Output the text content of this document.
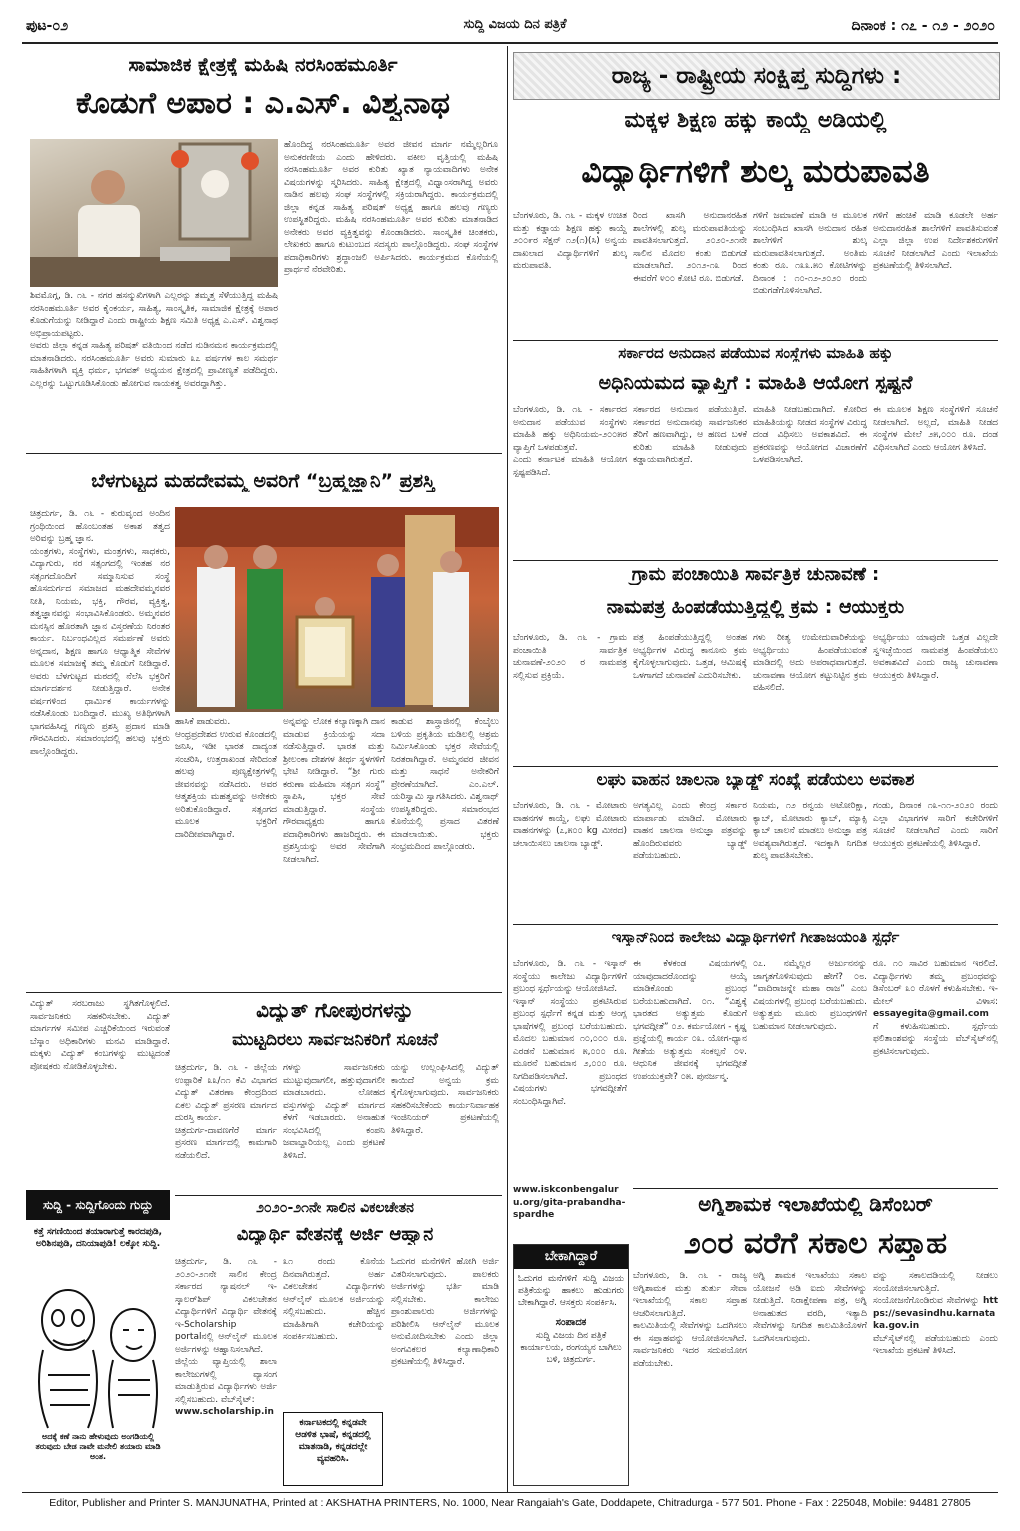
ಪುಟ-೦೨	ಸುದ್ದಿ ವಿಜಯ ದಿನ ಪತ್ರಿಕೆ	ದಿನಾಂಕ : ೧೭ - ೧೨ - ೨೦೨೦
ಸಾಮಾಜಿಕ ಕ್ಷೇತ್ರಕ್ಕೆ ಮಹಿಷಿ ನರಸಿಂಹಮೂರ್ತಿ
ಕೊಡುಗೆ ಅಪಾರ : ಎ.ಎಸ್. ವಿಶ್ವನಾಥ
ಶಿವಮೊಗ್ಗ, ಡಿ. ೧೬ - ನಗರ ಹಸನ್ಮುಖಿಗಳಾಗಿ ಎಲ್ಲರನ್ನು ತಮ್ಮತ್ತ ಸೆಳೆಯುತ್ತಿದ್ದ ಮಹಿಷಿ ನರಸಿಂಹಮೂರ್ತಿ ಅವರ ಕೈಂಕರ್ಯ, ಸಾಹಿತ್ಯ, ಸಾಂಸ್ಕೃತಿಕ, ಸಾಮಾಜಿಕ ಕ್ಷೇತ್ರಕ್ಕೆ ಅಪಾರ ಕೊಡುಗೆಯನ್ನು ನೀಡಿದ್ದಾರೆ ಎಂದು ರಾಷ್ಟ್ರೀಯ ಶಿಕ್ಷಣ ಸಮಿತಿ ಅಧ್ಯಕ್ಷ ಎ.ಎಸ್. ವಿಶ್ವನಾಥ ಅಭಿಪ್ರಾಯಪಟ್ಟರು.
ಅವರು ಜಿಲ್ಲಾ ಕನ್ನಡ ಸಾಹಿತ್ಯ ಪರಿಷತ್ ವತಿಯಿಂದ ನಡೆದ ನುಡಿನಮನ ಕಾರ್ಯಕ್ರಮದಲ್ಲಿ ಮಾತನಾಡಿದರು. ನರಸಿಂಹಮೂರ್ತಿ ಅವರು ಸುಮಾರು ೩೭ ವರ್ಷಗಳ ಕಾಲ ಸಮರ್ಥ ಸಾಹಿತಿಗಳಾಗಿ ವ್ಯಕ್ತಿ ಧರ್ಮ, ಭಗವತ್ ಅಧ್ಯಯನ ಕ್ಷೇತ್ರದಲ್ಲಿ ಪ್ರಾವೀಣ್ಯತೆ ಪಡೆದಿದ್ದರು. ಎಲ್ಲರನ್ನು ಒಟ್ಟುಗೂಡಿಸಿಕೊಂಡು ಹೋಗುವ ನಾಯಕತ್ವ ಅವರದ್ದಾಗಿತ್ತು.
ಹೊಂದಿದ್ದ ನರಸಿಂಹಮೂರ್ತಿ ಅವರ ಜೀವನ ಮಾರ್ಗ ನಮ್ಮೆಲ್ಲರಿಗೂ ಅನುಕರಣೀಯ ಎಂದು ಹೇಳಿದರು. ವಕೀಲ ವೃತ್ತಿಯಲ್ಲಿ ಮಹಿಷಿ ನರಸಿಂಹಮೂರ್ತಿ ಅವರ ಕುರಿತು ಖ್ಯಾತ ನ್ಯಾಯವಾದಿಗಳು ಅನೇಕ ವಿಷಯಗಳನ್ನು ಸ್ಮರಿಸಿದರು. ಸಾಹಿತ್ಯ ಕ್ಷೇತ್ರದಲ್ಲಿ ವಿಧ್ವಾಂಸರಾಗಿದ್ದ ಅವರು ನಾಡಿನ ಹಲವು ಸಂಘ ಸಂಸ್ಥೆಗಳಲ್ಲಿ ಸಕ್ರಿಯರಾಗಿದ್ದರು. ಕಾರ್ಯಕ್ರಮದಲ್ಲಿ ಜಿಲ್ಲಾ ಕನ್ನಡ ಸಾಹಿತ್ಯ ಪರಿಷತ್ ಅಧ್ಯಕ್ಷ ಹಾಗೂ ಹಲವು ಗಣ್ಯರು ಉಪಸ್ಥಿತರಿದ್ದರು. ಮಹಿಷಿ ನರಸಿಂಹಮೂರ್ತಿ ಅವರ ಕುರಿತು ಮಾತನಾಡಿದ ಅನೇಕರು ಅವರ ವ್ಯಕ್ತಿತ್ವವನ್ನು ಕೊಂಡಾಡಿದರು. ಸಾಂಸ್ಕೃತಿಕ ಚಿಂತಕರು, ಲೇಖಕರು ಹಾಗೂ ಕುಟುಂಬದ ಸದಸ್ಯರು ಪಾಲ್ಗೊಂಡಿದ್ದರು. ಸಂಘ ಸಂಸ್ಥೆಗಳ ಪದಾಧಿಕಾರಿಗಳು ಶ್ರದ್ಧಾಂಜಲಿ ಅರ್ಪಿಸಿದರು. ಕಾರ್ಯಕ್ರಮದ ಕೊನೆಯಲ್ಲಿ ಪ್ರಾರ್ಥನೆ ನೆರವೇರಿತು.
ಬೆಳಗುಟ್ಟದ ಮಹದೇವಮ್ಮ ಅವರಿಗೆ “ಬ್ರಹ್ಮಜ್ಞಾನಿ” ಪ್ರಶಸ್ತಿ
ಚಿತ್ರದುರ್ಗ, ಡಿ. ೧೬ - ಕುರುವೃಂದ ಅಂದಿನ ಗ್ರಂಥಿಯಿಂದ ಹೊಂಬಂತಹ ಅಕಾಶ ತತ್ವದ ಅರಿವನ್ನು ಬ್ರಹ್ಮ ಜ್ಞಾನ.
ಯಂತ್ರಗಳು, ಸಂಸ್ಥೆಗಳು, ಮಂತ್ರಗಳು, ಸಾಧಕರು, ವಿದ್ಯಾಗುರು, ನರ ಸತ್ಸಂಗದಲ್ಲಿ ಇಂತಹ ನರ ಸತ್ಸಂಗದೊಂದಿಗೆ ಸಮ್ಮಾನಿಸುವ ಸಂಸ್ಥೆ ಹೊಸದುರ್ಗದ ಸಮಾಜದ ಮಹದೇವಮ್ಮನವರ ನೀತಿ, ನಿಯಮ, ಭಕ್ತಿ, ಗೌರವ, ವ್ಯಕ್ತಿತ್ವ, ತತ್ವಜ್ಞಾನವನ್ನು ಸಂಭಾವಿಸಿಕೊಂಡರು. ಅಮ್ಮನವರ ಮನಸ್ಸಿನ ಹೊರತಾಗಿ ಜ್ಞಾನ ವಿಸ್ತರಣೆಯ ನಿರಂತರ ಕಾರ್ಯ. ನಿರ್ಬಂಧವಿಲ್ಲದ ಸಮರ್ಪಣೆ ಅವರು ಅನ್ನದಾನ, ಶಿಕ್ಷಣ ಹಾಗೂ ಆಧ್ಯಾತ್ಮಿಕ ಸೇವೆಗಳ ಮೂಲಕ ಸಮಾಜಕ್ಕೆ ತಮ್ಮ ಕೊಡುಗೆ ನೀಡಿದ್ದಾರೆ. ಅವರು ಬೆಳಗುಟ್ಟದ ಮಠದಲ್ಲಿ ನೆಲೆಸಿ ಭಕ್ತರಿಗೆ ಮಾರ್ಗದರ್ಶನ ನೀಡುತ್ತಿದ್ದಾರೆ. ಅನೇಕ ವರ್ಷಗಳಿಂದ ಧಾರ್ಮಿಕ ಕಾರ್ಯಗಳನ್ನು ನಡೆಸಿಕೊಂಡು ಬಂದಿದ್ದಾರೆ. ಮುಖ್ಯ ಅತಿಥಿಗಳಾಗಿ ಭಾಗವಹಿಸಿದ್ದ ಗಣ್ಯರು ಪ್ರಶಸ್ತಿ ಪ್ರದಾನ ಮಾಡಿ ಗೌರವಿಸಿದರು. ಸಮಾರಂಭದಲ್ಲಿ ಹಲವು ಭಕ್ತರು ಪಾಲ್ಗೊಂಡಿದ್ದರು.
ಹಾಸಿಕೆ ಪಾಡುವರು.
ಆಂಧ್ರಪ್ರದೇಶದ ಉರುವ ಕೊಂಡದಲ್ಲಿ ಜನಿಸಿ, ಇಡೀ ಭಾರತ ದಾದ್ಯಂತ ಸಂಚರಿಸಿ, ಉತ್ತರಾಖಂಡ ಸೇರಿದಂತೆ ಹಲವು ಪುಣ್ಯಕ್ಷೇತ್ರಗಳಲ್ಲಿ ಜೀವನವನ್ನು ನಡೆಸಿದರು. ಅವರ ಆತ್ಮಶಕ್ತಿಯ ಮಹತ್ವವನ್ನು ಅನೇಕರು ಅರಿತುಕೊಂಡಿದ್ದಾರೆ. ಸತ್ಸಂಗದ ಮೂಲಕ ಭಕ್ತರಿಗೆ ದಾರಿದೀಪವಾಗಿದ್ದಾರೆ.
ಅನ್ನವನ್ನು ಲೋಕ ಕಲ್ಯಾಣಕ್ಕಾಗಿ ದಾನ ಮಾಡುವ ಕ್ರಿಯೆಯನ್ನು ಸದಾ ನಡೆಸುತ್ತಿದ್ದಾರೆ. ಭಾರತ ಮತ್ತು ಶ್ರೀಲಂಕಾ ದೇಶಗಳ ತೀರ್ಥ ಸ್ಥಳಗಳಿಗೆ ಭೇಟಿ ನೀಡಿದ್ದಾರೆ. “ಶ್ರೀ ಗುರು ಕರುಣಾ ಮಹಿಮಾ ಸತ್ಸಂಗ ಸಂಸ್ಥೆ” ಸ್ಥಾಪಿಸಿ, ಭಕ್ತರ ಸೇವೆ ಮಾಡುತ್ತಿದ್ದಾರೆ. ಸಂಸ್ಥೆಯ ಗೌರವಾಧ್ಯಕ್ಷರು ಹಾಗೂ ಪದಾಧಿಕಾರಿಗಳು ಹಾಜರಿದ್ದರು. ಈ ಪ್ರಶಸ್ತಿಯನ್ನು ಅವರ ಸೇವೆಗಾಗಿ ನೀಡಲಾಗಿದೆ.
ಕಾಡುವ ಶಾಸ್ತ್ರಾಜಿನಲ್ಲಿ ಕೆಂಬೈಲು ಬಳಿಯ ಪ್ರಕೃತಿಯ ಮಡಿಲಲ್ಲಿ ಆಶ್ರಮ ನಿರ್ಮಿಸಿಕೊಂಡು ಭಕ್ತರ ಸೇವೆಯಲ್ಲಿ ನಿರತರಾಗಿದ್ದಾರೆ. ಅಮ್ಮನವರ ಜೀವನ ಮತ್ತು ಸಾಧನೆ ಅನೇಕರಿಗೆ ಪ್ರೇರಣೆಯಾಗಿದೆ. ಎಂ.ಎಲ್. ಯರಿಸ್ವಾಮಿ ಸ್ವಾಗತಿಸಿದರು. ವಿಶ್ವನಾಥ್ ಉಪಸ್ಥಿತರಿದ್ದರು. ಸಮಾರಂಭದ ಕೊನೆಯಲ್ಲಿ ಪ್ರಸಾದ ವಿತರಣೆ ಮಾಡಲಾಯಿತು. ಭಕ್ತರು ಸಂಭ್ರಮದಿಂದ ಪಾಲ್ಗೊಂಡರು.
ವಿದ್ಯುತ್ ಗೋಪುರಗಳನ್ನು
ಮುಟ್ಟದಿರಲು ಸಾರ್ವಜನಿಕರಿಗೆ ಸೂಚನೆ
ವಿದ್ಯುತ್ ಸರಬರಾಜು ಸ್ಥಗಿತಗೊಳ್ಳಲಿದೆ. ಸಾರ್ವಜನಿಕರು ಸಹಕರಿಸಬೇಕು. ವಿದ್ಯುತ್ ಮಾರ್ಗಗಳ ಸಮೀಪ ಎಚ್ಚರಿಕೆಯಿಂದ ಇರುವಂತೆ ಬೆಸ್ಕಾಂ ಅಧಿಕಾರಿಗಳು ಮನವಿ ಮಾಡಿದ್ದಾರೆ. ಮಕ್ಕಳು ವಿದ್ಯುತ್ ಕಂಬಗಳನ್ನು ಮುಟ್ಟದಂತೆ ಪೋಷಕರು ನೋಡಿಕೊಳ್ಳಬೇಕು.	ಚಿತ್ರದುರ್ಗ, ಡಿ. ೧೬ - ಜಿಲ್ಲೆಯ ಉಪ್ಪಾರಿಕೆ ೩೩/೧೧ ಕೆವಿ ವಿಭಾಗದ ವಿದ್ಯುತ್ ವಿತರಣಾ ಕೇಂದ್ರದಿಂದ ಏಕಲ ವಿದ್ಯುತ್ ಪ್ರಸರಣ ಮಾರ್ಗದ ದುರಸ್ತಿ ಕಾರ್ಯ.
ಚಿತ್ರದುರ್ಗ-ದಾವಣಗೆರೆ ಮಾರ್ಗ ಪ್ರಸರಣ ಮಾರ್ಗದಲ್ಲಿ ಕಾಮಗಾರಿ ನಡೆಯಲಿದೆ.
ಗಳನ್ನು ಸಾರ್ವಜನಿಕರು ಮುಟ್ಟುವುದಾಗಲೀ, ಹತ್ತುವುದಾಗಲೀ ಮಾಡಬಾರದು. ಲೋಹದ ವಸ್ತುಗಳನ್ನು ವಿದ್ಯುತ್ ಮಾರ್ಗದ ಕೆಳಗೆ ಇಡಬಾರದು. ಅನಾಹುತ ಸಂಭವಿಸಿದಲ್ಲಿ ಕಂಪನಿ ಜವಾಬ್ದಾರಿಯಲ್ಲ ಎಂದು ಪ್ರಕಟಣೆ ತಿಳಿಸಿದೆ.
ಯನ್ನು ಉಲ್ಲಂಘಿಸಿದಲ್ಲಿ ವಿದ್ಯುತ್ ಕಾಯಿದೆ ಅನ್ವಯ ಕ್ರಮ ಕೈಗೊಳ್ಳಲಾಗುವುದು. ಸಾರ್ವಜನಿಕರು ಸಹಕರಿಸಬೇಕೆಂದು ಕಾರ್ಯನಿರ್ವಾಹಕ ಇಂಜಿನಿಯರ್ ಪ್ರಕಟಣೆಯಲ್ಲಿ ತಿಳಿಸಿದ್ದಾರೆ.
೨೦೨೦-೨೧ನೇ ಸಾಲಿನ ವಿಕಲಚೇತನ
ವಿದ್ಯಾರ್ಥಿ ವೇತನಕ್ಕೆ ಅರ್ಜಿ ಆಹ್ವಾನ
ಚಿತ್ರದುರ್ಗ, ಡಿ. ೧೬ - ೨೦೨೦-೨೧ನೇ ಸಾಲಿನ ಕೇಂದ್ರ ಸರ್ಕಾರದ ನ್ಯಾಷನಲ್ ಇ-ಸ್ಕಾಲರ್‌ಶಿಪ್ ವಿಕಲಚೇತನ ವಿದ್ಯಾರ್ಥಿಗಳಿಗೆ ವಿದ್ಯಾರ್ಥಿ ವೇತನಕ್ಕೆ ಇ-Scholarship portalನಲ್ಲಿ ಆನ್‌ಲೈನ್ ಮೂಲಕ ಅರ್ಜಿಗಳನ್ನು ಆಹ್ವಾನಿಸಲಾಗಿದೆ.
ಜಿಲ್ಲೆಯ ವ್ಯಾಪ್ತಿಯಲ್ಲಿ ಶಾಲಾ ಕಾಲೇಜುಗಳಲ್ಲಿ ವ್ಯಾಸಂಗ ಮಾಡುತ್ತಿರುವ ವಿದ್ಯಾರ್ಥಿಗಳು ಅರ್ಜಿ ಸಲ್ಲಿಸಬಹುದು. ವೆಬ್‌ಸೈಟ್:
www.scholarship.in
೩೧ ರಂದು ಕೊನೆಯ ದಿನವಾಗಿರುತ್ತದೆ. ಅರ್ಹ ವಿಕಲಚೇತನ ವಿದ್ಯಾರ್ಥಿಗಳು ಆನ್‌ಲೈನ್ ಮೂಲಕ ಅರ್ಜಿಯನ್ನು ಸಲ್ಲಿಸಬಹುದು. ಹೆಚ್ಚಿನ ಮಾಹಿತಿಗಾಗಿ ಕಚೇರಿಯನ್ನು ಸಂಪರ್ಕಿಸಬಹುದು.
ಕರ್ನಾಟಕದಲ್ಲಿ ಕನ್ನಡವೇ ಆಡಳಿತ ಭಾಷೆ, ಕನ್ನಡದಲ್ಲಿ ಮಾತನಾಡಿ, ಕನ್ನಡದಲ್ಲೇ ವ್ಯವಹರಿಸಿ.
ಓದುಗರ ಮನೆಗಳಿಗೆ ಹೋಗಿ ಅರ್ಜಿ ವಿತರಿಸಲಾಗುವುದು. ಪಾಲಕರು ಅರ್ಜಿಗಳನ್ನು ಭರ್ತಿ ಮಾಡಿ ಸಲ್ಲಿಸಬೇಕು. ಕಾಲೇಜು ಪ್ರಾಂಶುಪಾಲರು ಅರ್ಜಿಗಳನ್ನು ಪರಿಶೀಲಿಸಿ ಆನ್‌ಲೈನ್ ಮೂಲಕ ಅನುಮೋದಿಸಬೇಕು ಎಂದು ಜಿಲ್ಲಾ ಅಂಗವಿಕಲರ ಕಲ್ಯಾಣಾಧಿಕಾರಿ ಪ್ರಕಟಣೆಯಲ್ಲಿ ತಿಳಿಸಿದ್ದಾರೆ.
ಸುದ್ದಿ - ಸುದ್ದಿಗೊಂದು ಗುದ್ದು
ಕತ್ತೆ ಸಗಣಿಯಿಂದ ತಯಾರಾಗುತ್ತೆ ಕಾರದಪುಡಿ, ಅರಿಶಿನಪುಡಿ, ದನಿಯಾಪುಡಿ! ಲಕ್ಕೋ ಸುದ್ದಿ.
ಅದಕ್ಕೆ ಕಣೆ ನಾನು ಹೇಳುವುದು ಅಂಗಡಿಯಲ್ಲಿ ತರುವುದು ಬೇಡ ನಾವೇ ಮನೇಲಿ ತಯಾರು ಮಾಡಿ ಅಂತ.
ರಾಜ್ಯ - ರಾಷ್ಟ್ರೀಯ ಸಂಕ್ಷಿಪ್ತ ಸುದ್ದಿಗಳು :
ಮಕ್ಕಳ ಶಿಕ್ಷಣ ಹಕ್ಕು ಕಾಯ್ದೆ ಅಡಿಯಲ್ಲಿ
ವಿದ್ಯಾರ್ಥಿಗಳಿಗೆ ಶುಲ್ಕ ಮರುಪಾವತಿ
ಬೆಂಗಳೂರು, ಡಿ. ೧೬ - ಮಕ್ಕಳ ಉಚಿತ ಮತ್ತು ಕಡ್ಡಾಯ ಶಿಕ್ಷಣ ಹಕ್ಕು ಕಾಯ್ದೆ ೨೦೦೯ರ ಸೆಕ್ಷನ್ ೧೨(೧)(ಸಿ) ಅನ್ವಯ ದಾಖಲಾದ ವಿದ್ಯಾರ್ಥಿಗಳಿಗೆ ಶುಲ್ಕ ಮರುಪಾವತಿ.
ರಿಂದ ಖಾಸಗಿ ಅನುದಾನರಹಿತ ಶಾಲೆಗಳಲ್ಲಿ ಶುಲ್ಕ ಮರುಪಾವತಿಯನ್ನು ಪಾವತಿಸಲಾಗುತ್ತದೆ. ೨೦೨೦-೨೧ನೇ ಸಾಲಿನ ಮೊದಲ ಕಂತು ಬಿಡುಗಡೆ ಮಾಡಲಾಗಿದೆ. ೨೦೧೨-೧೩ ರಿಂದ ಈವರೆಗೆ ೪೦೦ ಕೋಟಿ ರೂ. ಬಿಡುಗಡೆ.
ಗಳಿಗೆ ಜಮಾವಣೆ ಮಾಡಿ ಆ ಮೂಲಕ ಸಂಬಂಧಿಸಿದ ಖಾಸಗಿ ಅನುದಾನ ರಹಿತ ಶಾಲೆಗಳಿಗೆ ಶುಲ್ಕ ಮರುಪಾವತಿಸಲಾಗುತ್ತದೆ. ಅಂತಿಮ ಕಂತು ರೂ. ೧೩೩.೫೦ ಕೋಟಿಗಳನ್ನು ದಿನಾಂಕ : ೧೦-೧೨-೨೦೨೦ ರಂದು ಬಿಡುಗಡೆಗೊಳಿಸಲಾಗಿದೆ.
ಗಳಿಗೆ ಹಂಚಿಕೆ ಮಾಡಿ ಕೂಡಲೇ ಅರ್ಹ ಅನುದಾನರಹಿತ ಶಾಲೆಗಳಿಗೆ ಪಾವತಿಸುವಂತೆ ಎಲ್ಲಾ ಜಿಲ್ಲಾ ಉಪ ನಿರ್ದೇಶಕರುಗಳಿಗೆ ಸೂಚನೆ ನೀಡಲಾಗಿದೆ ಎಂದು ಇಲಾಖೆಯ ಪ್ರಕಟಣೆಯಲ್ಲಿ ತಿಳಿಸಲಾಗಿದೆ.
ಸರ್ಕಾರದ ಅನುದಾನ ಪಡೆಯುವ ಸಂಸ್ಥೆಗಳು ಮಾಹಿತಿ ಹಕ್ಕು
ಅಧಿನಿಯಮದ ವ್ಯಾಪ್ತಿಗೆ : ಮಾಹಿತಿ ಆಯೋಗ ಸ್ಪಷ್ಟನೆ
ಬೆಂಗಳೂರು, ಡಿ. ೧೬ - ಸರ್ಕಾರದ ಅನುದಾನ ಪಡೆಯುವ ಸಂಸ್ಥೆಗಳು ಮಾಹಿತಿ ಹಕ್ಕು ಅಧಿನಿಯಮ-೨೦೦೫ರ ವ್ಯಾಪ್ತಿಗೆ ಒಳಪಡುತ್ತವೆ.
ಎಂದು ಕರ್ನಾಟಕ ಮಾಹಿತಿ ಆಯೋಗ ಸ್ಪಷ್ಟಪಡಿಸಿದೆ.
ಸರ್ಕಾರದ ಅನುದಾನ ಪಡೆಯುತ್ತಿವೆ. ಸರ್ಕಾರದ ಅನುದಾನವು ಸಾರ್ವಜನಿಕರ ತೆರಿಗೆ ಹಣವಾಗಿದ್ದು, ಆ ಹಣದ ಬಳಕೆ ಕುರಿತು ಮಾಹಿತಿ ನೀಡುವುದು ಕಡ್ಡಾಯವಾಗಿರುತ್ತದೆ.
ಮಾಹಿತಿ ನೀಡಬಹುದಾಗಿದೆ. ಕೋರಿದ ಮಾಹಿತಿಯನ್ನು ನೀಡದ ಸಂಸ್ಥೆಗಳ ವಿರುದ್ಧ ದಂಡ ವಿಧಿಸಲು ಅವಕಾಶವಿದೆ. ಈ ಪ್ರಕರಣವನ್ನು ಆಯೋಗದ ವಿಚಾರಣೆಗೆ ಒಳಪಡಿಸಲಾಗಿದೆ.
ಈ ಮೂಲಕ ಶಿಕ್ಷಣ ಸಂಸ್ಥೆಗಳಿಗೆ ಸೂಚನೆ ನೀಡಲಾಗಿದೆ. ಅಲ್ಲದೆ, ಮಾಹಿತಿ ನೀಡದ ಸಂಸ್ಥೆಗಳ ಮೇಲೆ ೨೫,೦೦೦ ರೂ. ದಂಡ ವಿಧಿಸಲಾಗಿದೆ ಎಂದು ಆಯೋಗ ತಿಳಿಸಿದೆ.
ಗ್ರಾಮ ಪಂಚಾಯಿತಿ ಸಾರ್ವತ್ರಿಕ ಚುನಾವಣೆ :
ನಾಮಪತ್ರ ಹಿಂಪಡೆಯುತ್ತಿದ್ದಲ್ಲಿ ಕ್ರಮ : ಆಯುಕ್ತರು
ಬೆಂಗಳೂರು, ಡಿ. ೧೬ - ಗ್ರಾಮ ಪಂಚಾಯಿತಿ ಸಾರ್ವತ್ರಿಕ ಚುನಾವಣೆ-೨೦೨೦ ರ ನಾಮಪತ್ರ ಸಲ್ಲಿಸುವ ಪ್ರಕ್ರಿಯೆ.
ಪತ್ರ ಹಿಂಪಡೆಯುತ್ತಿದ್ದಲ್ಲಿ ಅಂತಹ ಅಭ್ಯರ್ಥಿಗಳ ವಿರುದ್ಧ ಕಾನೂನು ಕ್ರಮ ಕೈಗೊಳ್ಳಲಾಗುವುದು. ಒತ್ತಡ, ಆಮಿಷಕ್ಕೆ ಒಳಗಾಗದೆ ಚುನಾವಣೆ ಎದುರಿಸಬೇಕು.
ಗಳು ರೀತ್ಯ ಉಮೇದುವಾರಿಕೆಯನ್ನು ಅಭ್ಯರ್ಥಿಯು ಹಿಂಪಡೆಯುವಂತೆ ಮಾಡಿದಲ್ಲಿ ಅದು ಅಪರಾಧವಾಗುತ್ತದೆ. ಚುನಾವಣಾ ಆಯೋಗ ಕಟ್ಟುನಿಟ್ಟಿನ ಕ್ರಮ ವಹಿಸಲಿದೆ.
ಅಭ್ಯರ್ಥಿಯು ಯಾವುದೇ ಒತ್ತಡ ವಿಲ್ಲದೇ ಸ್ವಇಚ್ಛೆಯಿಂದ ನಾಮಪತ್ರ ಹಿಂಪಡೆಯಲು ಅವಕಾಶವಿದೆ ಎಂದು ರಾಜ್ಯ ಚುನಾವಣಾ ಆಯುಕ್ತರು ತಿಳಿಸಿದ್ದಾರೆ.
ಲಘು ವಾಹನ ಚಾಲನಾ ಬ್ಯಾಡ್ಜ್ ಸಂಖ್ಯೆ ಪಡೆಯಲು ಅವಕಾಶ
ಬೆಂಗಳೂರು, ಡಿ. ೧೬ - ಮೋಟಾರು ವಾಹನಗಳ ಕಾಯ್ದೆ, ಲಘು ಮೋಟಾರು ವಾಹನಗಳನ್ನು (೭,೫೦೦ kg ಮೀರದ) ಚಲಾಯಿಸಲು ಚಾಲನಾ ಬ್ಯಾಡ್ಜ್.
ಅಗತ್ಯವಿಲ್ಲ ಎಂದು ಕೇಂದ್ರ ಸರ್ಕಾರ ಮಾರ್ಪಾಡು ಮಾಡಿದೆ. ಮೋಟಾರು ವಾಹನ ಚಾಲನಾ ಅನುಜ್ಞಾ ಪತ್ರವನ್ನು ಹೊಂದಿರುವವರು ಬ್ಯಾಡ್ಜ್ ಪಡೆಯಬಹುದು.
ನಿಯಮ, ೧೨ ರನ್ವಯ ಅಟೋರಿಕ್ಷಾ, ಕ್ಯಾಬ್, ಮೋಟಾರು ಕ್ಯಾಬ್, ಮ್ಯಾಕ್ಸಿ ಕ್ಯಾಬ್ ಚಾಲನೆ ಮಾಡಲು ಅನುಜ್ಞಾ ಪತ್ರ ಅವಶ್ಯವಾಗಿರುತ್ತದೆ. ಇದಕ್ಕಾಗಿ ನಿಗದಿತ ಶುಲ್ಕ ಪಾವತಿಸಬೇಕು.
ಗಂಡು, ದಿನಾಂಕ ೧೩-೧೧-೨೦೨೦ ರಂದು ಎಲ್ಲಾ ವಿಭಾಗಗಳ ಸಾರಿಗೆ ಕಚೇರಿಗಳಿಗೆ ಸೂಚನೆ ನೀಡಲಾಗಿದೆ ಎಂದು ಸಾರಿಗೆ ಆಯುಕ್ತರು ಪ್ರಕಟಣೆಯಲ್ಲಿ ತಿಳಿಸಿದ್ದಾರೆ.
ಇಸ್ಕಾನ್‌ನಿಂದ ಕಾಲೇಜು ವಿದ್ಯಾರ್ಥಿಗಳಿಗೆ ಗೀತಾಜಯಂತಿ ಸ್ಪರ್ಧೆ
ಬೆಂಗಳೂರು, ಡಿ. ೧೬ - ಇಸ್ಕಾನ್ ಸಂಸ್ಥೆಯು ಕಾಲೇಜು ವಿದ್ಯಾರ್ಥಿಗಳಿಗೆ ಪ್ರಬಂಧ ಸ್ಪರ್ಧೆಯನ್ನು ಆಯೋಜಿಸಿದೆ.
ಇಸ್ಕಾನ್ ಸಂಸ್ಥೆಯು ಪ್ರಕಟಿಸಿರುವ ಪ್ರಬಂಧ ಸ್ಪರ್ಧೆಗೆ ಕನ್ನಡ ಮತ್ತು ಆಂಗ್ಲ ಭಾಷೆಗಳಲ್ಲಿ ಪ್ರಬಂಧ ಬರೆಯಬಹುದು. ಮೊದಲ ಬಹುಮಾನ ೧೦,೦೦೦ ರೂ. ಎರಡನೆ ಬಹುಮಾನ ೫,೦೦೦ ರೂ. ಮೂರನೆ ಬಹುಮಾನ ೨,೦೦೦ ರೂ. ನಿಗದಿಪಡಿಸಲಾಗಿದೆ. ಪ್ರಬಂಧದ ವಿಷಯಗಳು ಭಗವದ್ಗೀತೆಗೆ ಸಂಬಂಧಿಸಿದ್ದಾಗಿವೆ.
ಈ ಕೆಳಕಂಡ ವಿಷಯಗಳಲ್ಲಿ ಯಾವುದಾದರೊಂದನ್ನು ಆಯ್ಕೆ ಮಾಡಿಕೊಂಡು ಪ್ರಬಂಧ ಬರೆಯಬಹುದಾಗಿದೆ. ೦೧. “ವಿಶ್ವಕ್ಕೆ ಭಾರತದ ಅತ್ಯುತ್ತಮ ಕೊಡುಗೆ ಭಗವದ್ಗೀತೆ” ೦೨. ಕರ್ಮಯೋಗ - ಕೃಷ್ಣ ಪ್ರಜ್ಞೆಯಲ್ಲಿ ಕಾರ್ಯ ೦೩. ಯೋಗ-ಧ್ಯಾನ ಗೀತೆಯ ಅತ್ಯುತ್ತಮ ಸಂಕಲ್ಪನೆ ೦೪. ಆಧುನಿಕ ಜೀವನಕ್ಕೆ ಭಗವದ್ಗೀತೆ ಉಪಯುಕ್ತವೇ? ೦೫. ಪುನರ್ಜನ್ಮ.
೦೭. ನಮ್ಮೆಲ್ಲರ ಅರ್ಜುನನನ್ನು ಜಾಗೃತಗೊಳಿಸುವುದು ಹೇಗೆ? ೦೮. “ವಾದಿರಾಜನ್ನೇ ಮಹಾ ರಾಜ” ಎಂಬ ವಿಷಯಗಳಲ್ಲಿ ಪ್ರಬಂಧ ಬರೆಯಬಹುದು. ಅತ್ಯುತ್ತಮ ಮೂರು ಪ್ರಬಂಧಗಳಿಗೆ ಬಹುಮಾನ ನೀಡಲಾಗುವುದು.
ರೂ. ೧೦ ಸಾವಿರ ಬಹುಮಾನ ಇರಲಿದೆ. ವಿದ್ಯಾರ್ಥಿಗಳು ತಮ್ಮ ಪ್ರಬಂಧವನ್ನು ಡಿಸೆಂಬರ್ ೩೦ ರೊಳಗೆ ಕಳುಹಿಸಬೇಕು. ಇ-ಮೇಲ್ ವಿಳಾಸ: essayegita@gmail.com
ಗೆ ಕಳುಹಿಸಬಹುದು. ಸ್ಪರ್ಧೆಯ ಫಲಿತಾಂಶವನ್ನು ಸಂಸ್ಥೆಯ ವೆಬ್‌ಸೈಟ್‌ನಲ್ಲಿ ಪ್ರಕಟಿಸಲಾಗುವುದು.
www.iskconbengaluru.org/gita-prabandha-spardhe
ಬೇಕಾಗಿದ್ದಾರೆ
ಓದುಗರ ಮನೆಗಳಿಗೆ ಸುದ್ದಿ ವಿಜಯ ಪತ್ರಿಕೆಯನ್ನು ಹಾಕಲು ಹುಡುಗರು ಬೇಕಾಗಿದ್ದಾರೆ. ಆಸಕ್ತರು ಸಂಪರ್ಕಿಸಿ.
ಸಂಪಾದಕ
ಸುದ್ದಿ ವಿಜಯ ದಿನ ಪತ್ರಿಕೆ ಕಾರ್ಯಾಲಯ, ರಂಗಯ್ಯನ ಬಾಗಿಲು ಬಳಿ, ಚಿತ್ರದುರ್ಗ.
ಅಗ್ನಿಶಾಮಕ ಇಲಾಖೆಯಲ್ಲಿ ಡಿಸೆಂಬರ್
೨೦ರ ವರೆಗೆ ಸಕಾಲ ಸಪ್ತಾಹ
ಬೆಂಗಳೂರು, ಡಿ. ೧೬ - ರಾಜ್ಯ ಅಗ್ನಿಶಾಮಕ ಮತ್ತು ತುರ್ತು ಸೇವಾ ಇಲಾಖೆಯಲ್ಲಿ ಸಕಾಲ ಸಪ್ತಾಹ ಆಚರಿಸಲಾಗುತ್ತಿದೆ.
ಕಾಲಮಿತಿಯಲ್ಲಿ ಸೇವೆಗಳನ್ನು ಒದಗಿಸಲು ಈ ಸಪ್ತಾಹವನ್ನು ಆಯೋಜಿಸಲಾಗಿದೆ. ಸಾರ್ವಜನಿಕರು ಇದರ ಸದುಪಯೋಗ ಪಡೆಯಬೇಕು.
ಅಗ್ನಿ ಶಾಮಕ ಇಲಾಖೆಯು ಸಕಾಲ ಯೋಜನೆ ಅಡಿ ಐದು ಸೇವೆಗಳನ್ನು ನೀಡುತ್ತಿದೆ. ನಿರಾಕ್ಷೇಪಣಾ ಪತ್ರ, ಅಗ್ನಿ ಅನಾಹುತದ ವರದಿ, ಇತ್ಯಾದಿ ಸೇವೆಗಳನ್ನು ನಿಗದಿತ ಕಾಲಮಿತಿಯೊಳಗೆ ಒದಗಿಸಲಾಗುವುದು.
ವನ್ನು ಸಕಾಲದಡಿಯಲ್ಲಿ ನೀಡಲು ಸಂಯೋಜಿಸಲಾಗುತ್ತಿದೆ. ಸಂಯೋಜನೆಗೊಂಡಿರುವ ಸೇವೆಗಳನ್ನು https://sevasindhu.karnataka.gov.in
ವೆಬ್‌ಸೈಟ್‌ನಲ್ಲಿ ಪಡೆಯಬಹುದು ಎಂದು ಇಲಾಖೆಯ ಪ್ರಕಟಣೆ ತಿಳಿಸಿದೆ.
Editor, Publisher and Printer S. MANJUNATHA, Printed at : AKSHATHA PRINTERS, No. 1000, Near Rangaiah's Gate, Doddapete, Chitradurga - 577 501. Phone - Fax : 225048, Mobile: 94481 27805
